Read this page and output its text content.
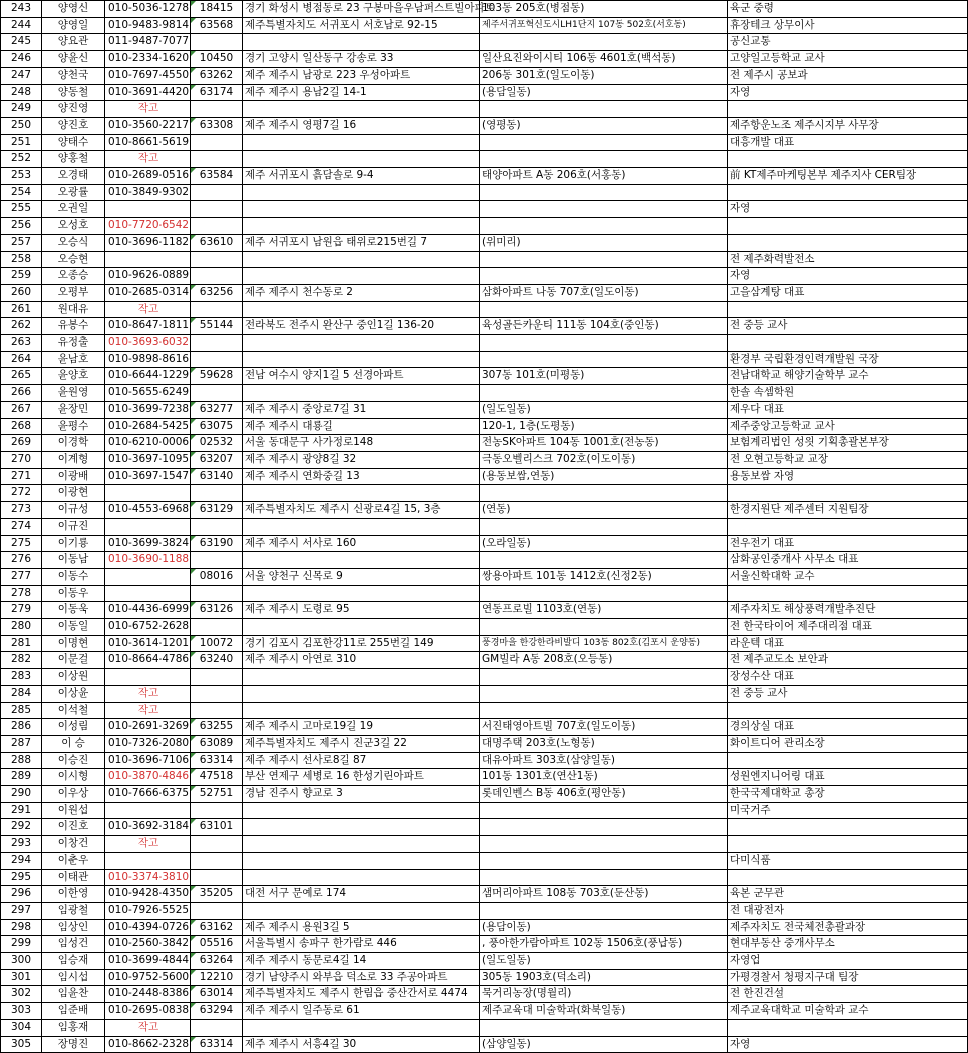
243	양영신	010-5036-1278	18415	경기 화성시 병점동로 23 구봉마을우남퍼스트빌아파트	103동 205호(병점동)	육군 중령
244	양영일	010-9483-9814	63568	제주특별자치도 서귀포시 서호남로 92-15	제주서귀포혁신도시LH1단지 107동 502호(서호동)	휴장테크 상무이사
245	양요관	011-9487-7077				공신교통
246	양윤신	010-2334-1620	10450	경기 고양시 일산동구 강송로 33	일산요진와이시티 106동 4601호(백석동)	고양일고등학교 교사
247	양천국	010-7697-4550	63262	제주 제주시 남광로 223 우성아파트	206동 301호(일도이동)	전 제주시 공보과
248	양동철	010-3691-4420	63174	제주 제주시 용남2길 14-1	(용담일동)	자영
249	양진영	작고				
250	양진호	010-3560-2217	63308	제주 제주시 영평7길 16	(영평동)	제주항운노조 제주시지부 사무장
251	양태수	010-8661-5619				대흥개발 대표
252	양홍철	작고				
253	오경태	010-2689-0516	63584	제주 서귀포시 흙담솔로 9-4	태양아파트 A동 206호(서홍동)	前 KT제주마케팅본부 제주지사 CER팀장
254	오광률	010-3849-9302				
255	오권일					자영
256	오성호	010-7720-6542				
257	오승식	010-3696-1182	63610	제주 서귀포시 남원읍 태위로215번길 7	(위미리)	
258	오승현					전 제주화력발전소
259	오종승	010-9626-0889				자영
260	오평부	010-2685-0314	63256	제주 제주시 천수동로 2	삼화아파트 나동 707호(일도이동)	고을삼계탕 대표
261	원대유	작고				
262	유봉수	010-8647-1811	55144	전라북도 전주시 완산구 중인1길 136-20	육성골든카운티 111동 104호(중인동)	전 중등 교사
263	유정출	010-3693-6032				
264	윤남호	010-9898-8616				환경부 국립환경인력개발원 국장
265	윤양호	010-6644-1229	59628	전남 여수시 양지1길 5 선경아파트	307동 101호(미평동)	전남대학교 해양기술학부 교수
266	윤원영	010-5655-6249				한솔 속셈학원
267	윤장민	010-3699-7238	63277	제주 제주시 중앙로7길 31	(일도일동)	제우다 대표
268	윤평수	010-2684-5425	63075	제주 제주시 대룡길	120-1, 1층(도평동)	제주중앙고등학교 교사
269	이경학	010-6210-0006	02532	서울 동대문구 사가정로148	전농SK아파트 104동 1001호(전농동)	보험계리법인 성읫 기획총괄본부장
270	이계형	010-3697-1095	63207	제주 제주시 광양8길 32	극동오벨리스크 702호(이도이동)	전 오현고등학교 교장
271	이광배	010-3697-1547	63140	제주 제주시 연화중길 13	(용동보쌈,연동)	용동보쌈 자영
272	이광현					
273	이규성	010-4553-6968	63129	제주특별자치도 제주시 신광로4길 15, 3층	(연동)	한경지원단 제주센터 지원팀장
274	이규진					
275	이기룡	010-3699-3824	63190	제주 제주시 서사로 160	(오라일동)	전우전기 대표
276	이동남	010-3690-1188				삼화공인중개사 사무소 대표
277	이동수		08016	서울 양천구 신목로 9	쌍용아파트 101동 1412호(신정2동)	서울신학대학 교수
278	이동우					
279	이동욱	010-4436-6999	63126	제주 제주시 도령로 95	연동프로빌 1103호(연동)	제주자치도 해상풍력개발추진단
280	이동일	010-6752-2628				전 한국타이어 제주대리점 대표
281	이명현	010-3614-1201	10072	경기 김포시 김포한강11로 255번길 149	풍경마을 한강한라비발디 103동 802호(김포시 운양동)	라운텍 대표
282	이문걸	010-8664-4786	63240	제주 제주시 아연로 310	GM빌라 A동 208호(오등동)	전 제주교도소 보안과
283	이상원					장성수산 대표
284	이상윤	작고				전 중등 교사
285	이석철	작고				
286	이성림	010-2691-3269	63255	제주 제주시 고마로19길 19	서진태영아트빌 707호(일도이동)	경의상실 대표
287	이 승	010-7326-2080	63089	제주특별자치도 제주시 진군3길 22	대명주택 203호(노형동)	화이트디어 관리소장
288	이승진	010-3696-7106	63314	제주 제주시 선사로8길 87	대유아파트 303호(삼양일동)	
289	이시형	010-3870-4846	47518	부산 연제구 세병로 16 한성기린아파트	101동 1301호(연산1동)	성원엔지니어링 대표
290	이우상	010-7666-6375	52751	경남 진주시 향교로 3	롯데인벤스 B동 406호(평안동)	한국국제대학교 총장
291	이원섭					미국거주
292	이진호	010-3692-3184	63101			
293	이창건	작고				
294	이춘우					다미식품
295	이태관	010-3374-3810				
296	이한영	010-9428-4350	35205	대전 서구 문예로 174	샘머리아파트 108동 703호(둔산동)	육본 군무관
297	임광철	010-7926-5525				전 대광전자
298	임상인	010-4394-0726	63162	제주 제주시 용원3길 5	(용담이동)	제주자치도 전국체전총괄과장
299	임성건	010-2560-3842	05516	서울특별시 송파구 한가람로 446	, 풍아한가람아파트 102동 1506호(풍납동)	현대부동산 중개사무소
300	임승재	010-3699-4844	63264	제주 제주시 동문로4길 14	(일도일동)	자영업
301	임시섭	010-9752-5600	12210	경기 남양주시 와부읍 덕소로 33 주공아파트	305동 1903호(덕소리)	가평경찰서 청평지구대 팀장
302	임윤찬	010-2448-8386	63014	제주특별자치도 제주시 한림읍 중산간서로 4474	묵거리농장(명월리)	전 한진건설
303	임준배	010-2695-0838	63294	제주 제주시 일주동로 61	제주교육대 미술학과(화북일동)	제주교육대학교 미술학과 교수
304	임홍재	작고				
305	장명진	010-8662-2328	63314	제주 제주시 서흥4길 30	(삼양일동)	자영
